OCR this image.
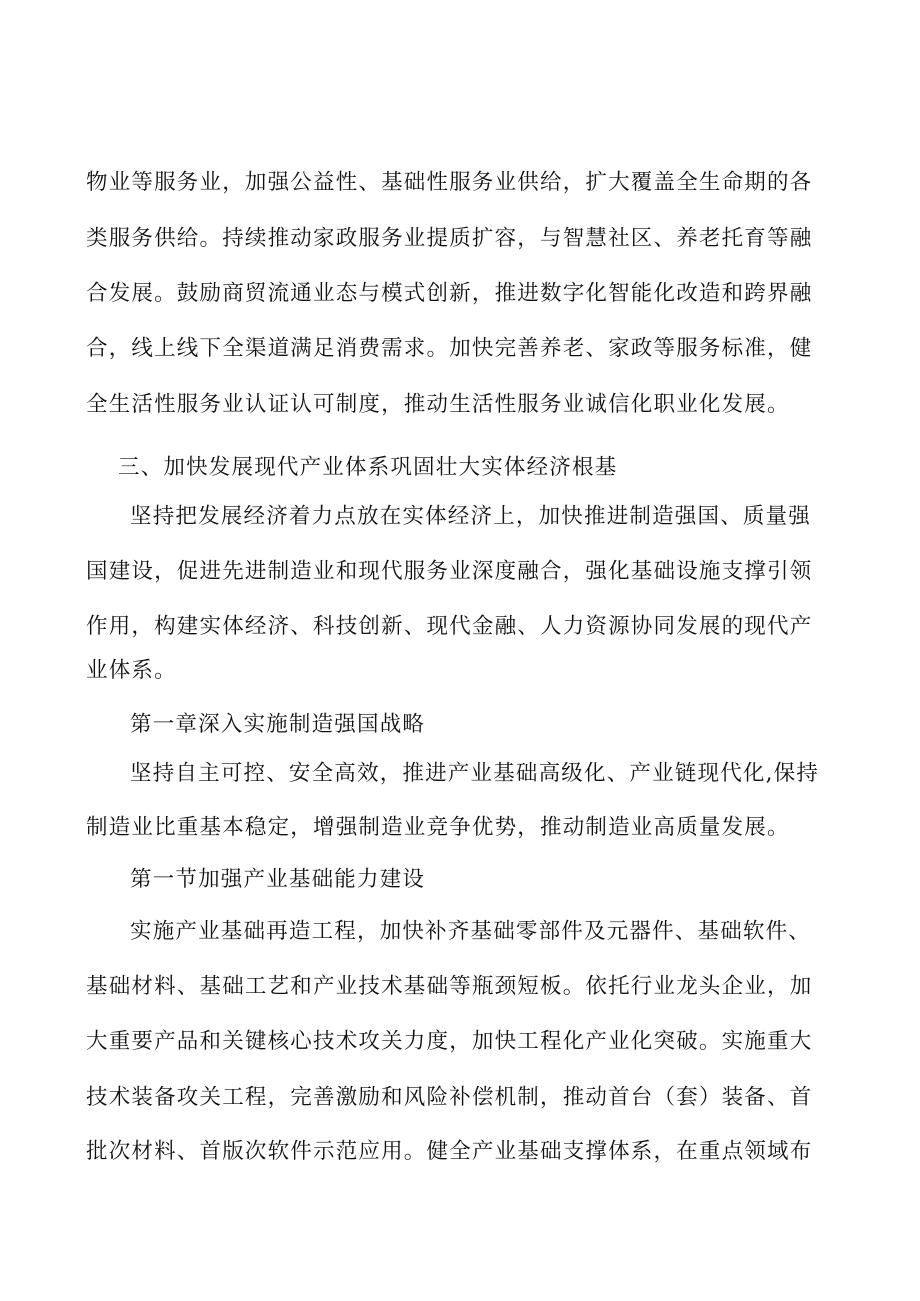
物业等服务业，加强公益性、基础性服务业供给，扩大覆盖全生命期的各
类服务供给。持续推动家政服务业提质扩容，与智慧社区、养老托育等融
合发展。鼓励商贸流通业态与模式创新，推进数字化智能化改造和跨界融
合，线上线下全渠道满足消费需求。加快完善养老、家政等服务标准，健
全生活性服务业认证认可制度，推动生活性服务业诚信化职业化发展。
三、加快发展现代产业体系巩固壮大实体经济根基
坚持把发展经济着力点放在实体经济上，加快推进制造强国、质量强
国建设，促进先进制造业和现代服务业深度融合，强化基础设施支撑引领
作用，构建实体经济、科技创新、现代金融、人力资源协同发展的现代产
业体系。
第一章深入实施制造强国战略
坚持自主可控、安全高效，推进产业基础高级化、产业链现代化,保持
制造业比重基本稳定，增强制造业竞争优势，推动制造业高质量发展。
第一节加强产业基础能力建设
实施产业基础再造工程，加快补齐基础零部件及元器件、基础软件、
基础材料、基础工艺和产业技术基础等瓶颈短板。依托行业龙头企业，加
大重要产品和关键核心技术攻关力度，加快工程化产业化突破。实施重大
技术装备攻关工程，完善激励和风险补偿机制，推动首台（套）装备、首
批次材料、首版次软件示范应用。健全产业基础支撑体系，在重点领域布
